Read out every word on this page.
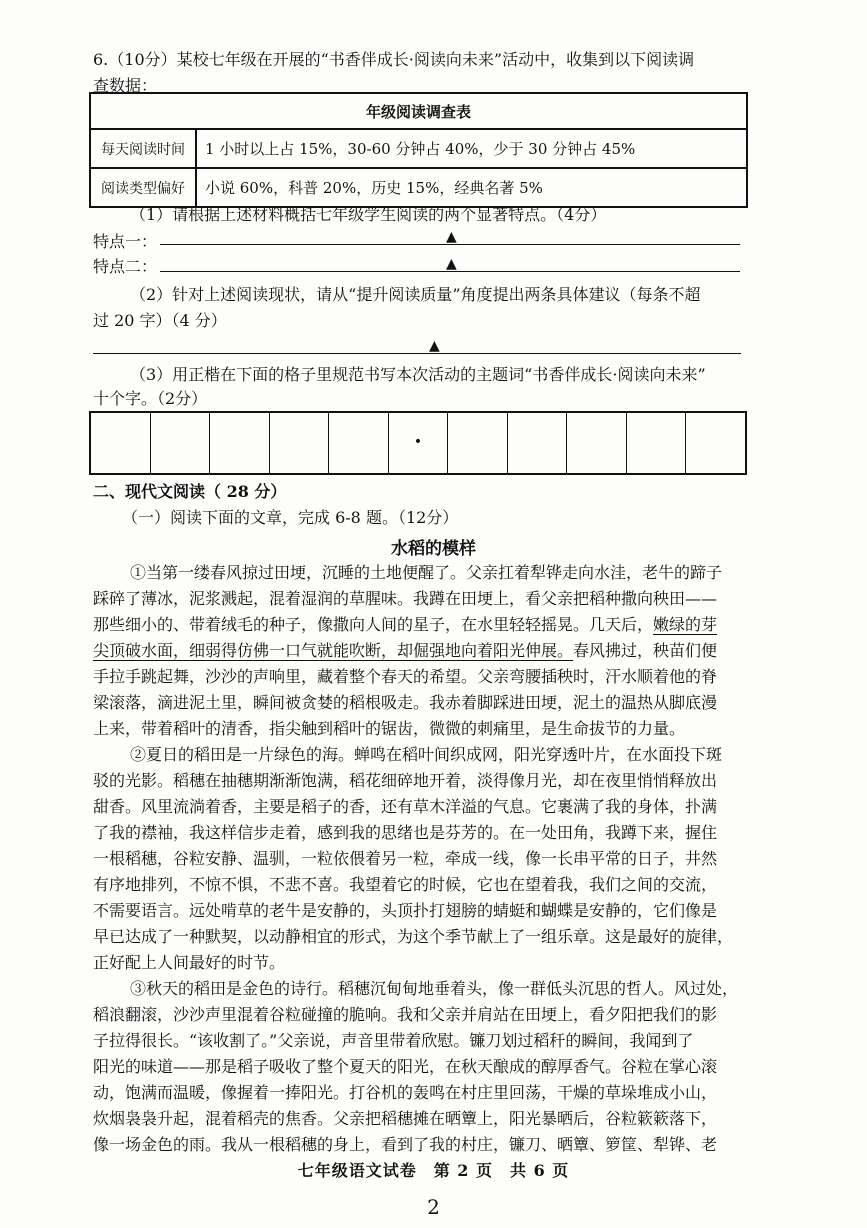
6.（10分）某校七年级在开展的“书香伴成长·阅读向未来”活动中，收集到以下阅读调
查数据：
年级阅读调查表	
每天阅读时间	1 小时以上占 15%，30-60 分钟占 40%，少于 30 分钟占 45%
阅读类型偏好	小说 60%，科普 20%，历史 15%，经典名著 5%
（1）请根据上述材料概括七年级学生阅读的两个显著特点。（4分）
特点一：	▲
特点二：	▲
（2）针对上述阅读现状，请从“提升阅读质量”角度提出两条具体建议（每条不超
过 20 字）（4 分）
▲
（3）用正楷在下面的格子里规范书写本次活动的主题词“书香伴成长·阅读向未来”
十个字。（2分）
·
二、现代文阅读（ 28 分）
（一）阅读下面的文章，完成 6-8 题。（12分）
水稻的模样
①当第一缕春风掠过田埂，沉睡的土地便醒了。父亲扛着犁铧走向水洼，老牛的蹄子
踩碎了薄冰，泥浆溅起，混着湿润的草腥味。我蹲在田埂上，看父亲把稻种撒向秧田——
那些细小的、带着绒毛的种子，像撒向人间的星子，在水里轻轻摇晃。几天后，嫩绿的芽
尖顶破水面，细弱得仿佛一口气就能吹断，却倔强地向着阳光伸展。春风拂过，秧苗们便
手拉手跳起舞，沙沙的声响里，藏着整个春天的希望。父亲弯腰插秧时，汗水顺着他的脊
梁滚落，滴进泥土里，瞬间被贪婪的稻根吸走。我赤着脚踩进田埂，泥土的温热从脚底漫
上来，带着稻叶的清香，指尖触到稻叶的锯齿，微微的刺痛里，是生命拔节的力量。
②夏日的稻田是一片绿色的海。蝉鸣在稻叶间织成网，阳光穿透叶片，在水面投下斑
驳的光影。稻穗在抽穗期渐渐饱满，稻花细碎地开着，淡得像月光，却在夜里悄悄释放出
甜香。风里流淌着香，主要是稻子的香，还有草木洋溢的气息。它裹满了我的身体，扑满
了我的襟袖，我这样信步走着，感到我的思绪也是芬芳的。在一处田角，我蹲下来，握住
一根稻穗，谷粒安静、温驯，一粒依偎着另一粒，牵成一线，像一长串平常的日子，井然
有序地排列，不惊不惧，不悲不喜。我望着它的时候，它也在望着我，我们之间的交流，
不需要语言。远处啃草的老牛是安静的，头顶扑打翅膀的蜻蜓和蝴蝶是安静的，它们像是
早已达成了一种默契，以动静相宜的形式，为这个季节献上了一组乐章。这是最好的旋律，
正好配上人间最好的时节。
③秋天的稻田是金色的诗行。稻穗沉甸甸地垂着头，像一群低头沉思的哲人。风过处，
稻浪翻滚，沙沙声里混着谷粒碰撞的脆响。我和父亲并肩站在田埂上，看夕阳把我们的影
子拉得很长。“该收割了。”父亲说，声音里带着欣慰。镰刀划过稻秆的瞬间，我闻到了
阳光的味道——那是稻子吸收了整个夏天的阳光，在秋天酿成的醇厚香气。谷粒在掌心滚
动，饱满而温暖，像握着一捧阳光。打谷机的轰鸣在村庄里回荡，干燥的草垛堆成小山，
炊烟袅袅升起，混着稻壳的焦香。父亲把稻穗摊在晒簟上，阳光暴晒后，谷粒簌簌落下，
像一场金色的雨。我从一根稻穗的身上，看到了我的村庄，镰刀、晒簟、箩筐、犁铧、老
七年级语文试卷　第 2 页　共 6 页
2
